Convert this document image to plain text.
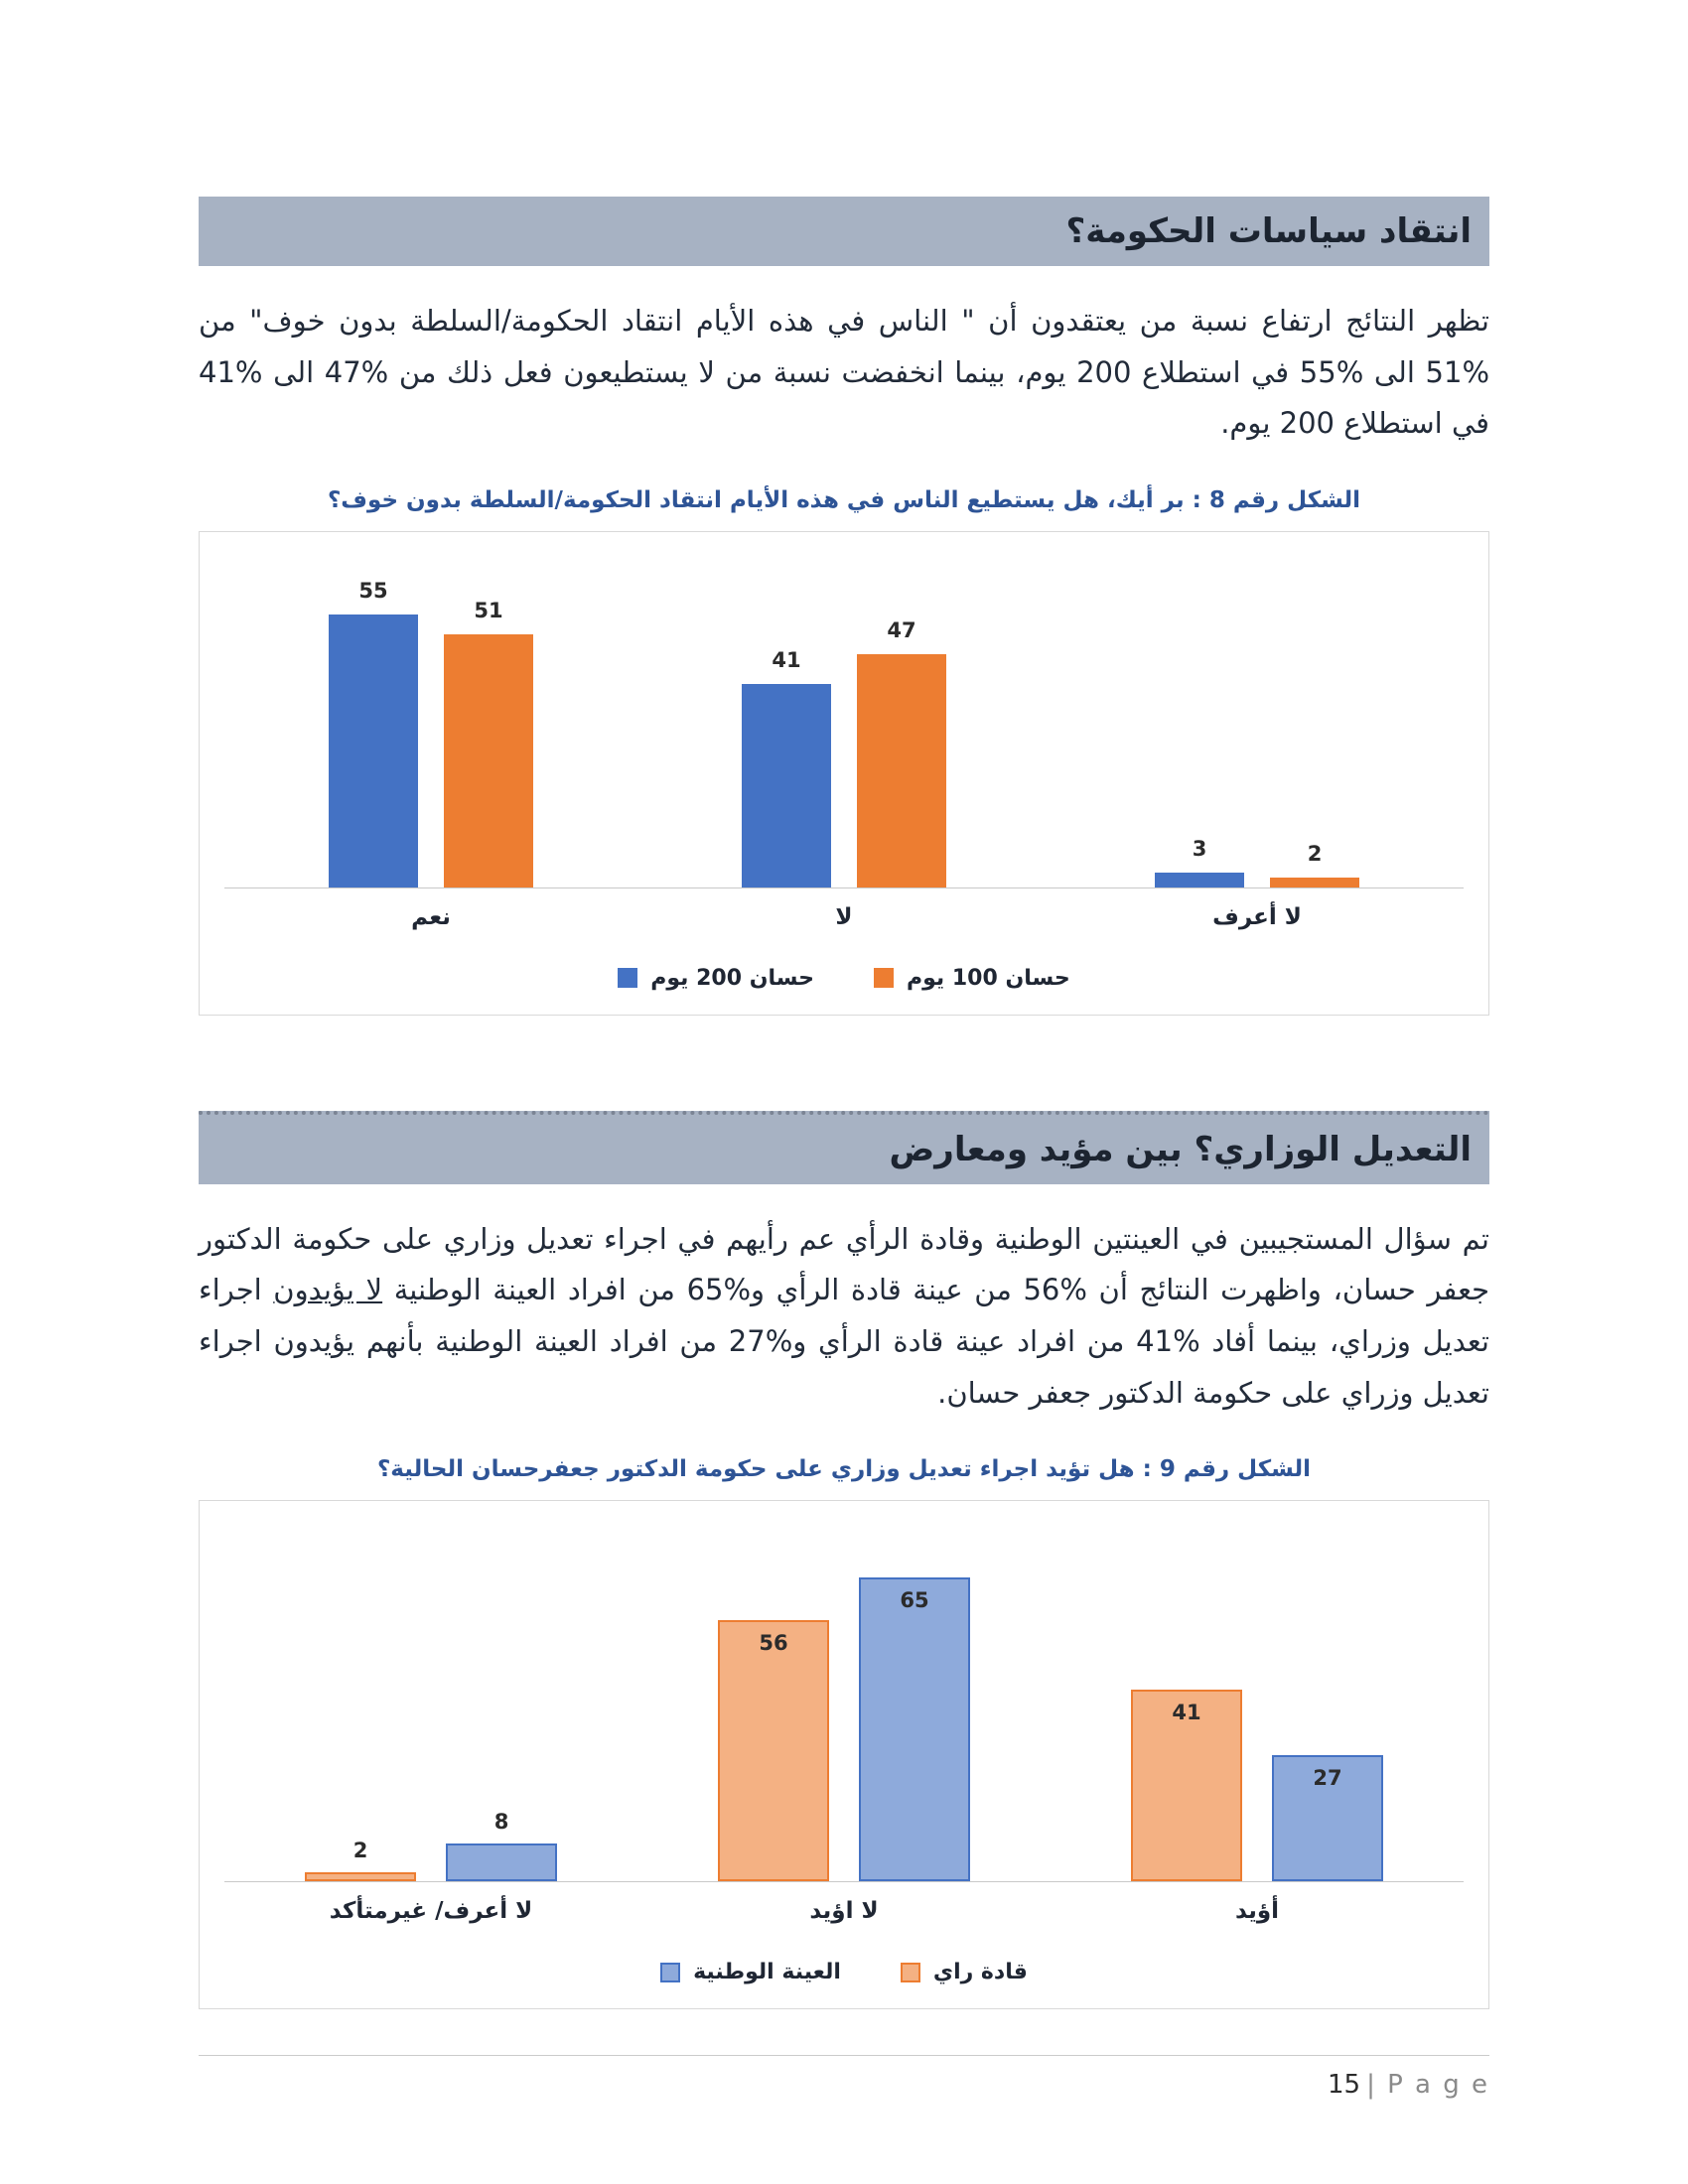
انتقاد سياسات الحكومة؟

تظهر النتائج ارتفاع نسبة من يعتقدون أن " الناس في هذه الأيام انتقاد الحكومة/السلطة بدون خوف" من %51 الى %55 في استطلاع 200 يوم، بينما انخفضت نسبة من لا يستطيعون فعل ذلك من %47 الى %41 في استطلاع 200 يوم.

الشكل رقم 8 : بر أيك، هل يستطيع الناس في هذه الأيام انتقاد الحكومة/السلطة بدون خوف؟
55
51
41
47
3	2
نعم	لا	لا أعرف
حسان 200 يوم	حسان 100 يوم
التعديل الوزاري؟ بين مؤيد ومعارض

تم سؤال المستجيبين في العينتين الوطنية وقادة الرأي عم رأيهم في اجراء تعديل وزاري على حكومة الدكتور جعفر حسان، واظهرت النتائج أن %56 من عينة قادة الرأي و%65 من افراد العينة الوطنية لا يؤيدون اجراء تعديل وزراي، بينما أفاد %41 من افراد عينة قادة الرأي و%27 من افراد العينة الوطنية بأنهم يؤيدون اجراء تعديل وزراي على حكومة الدكتور جعفر حسان.

الشكل رقم 9 : هل تؤيد اجراء تعديل وزاري على حكومة الدكتور جعفرحسان الحالية؟
2
8
56
65
41
27
لا أعرف/ غيرمتأكد	لا اؤيد	أؤيد
العينة الوطنية	قادة راي
15 | P a g e
